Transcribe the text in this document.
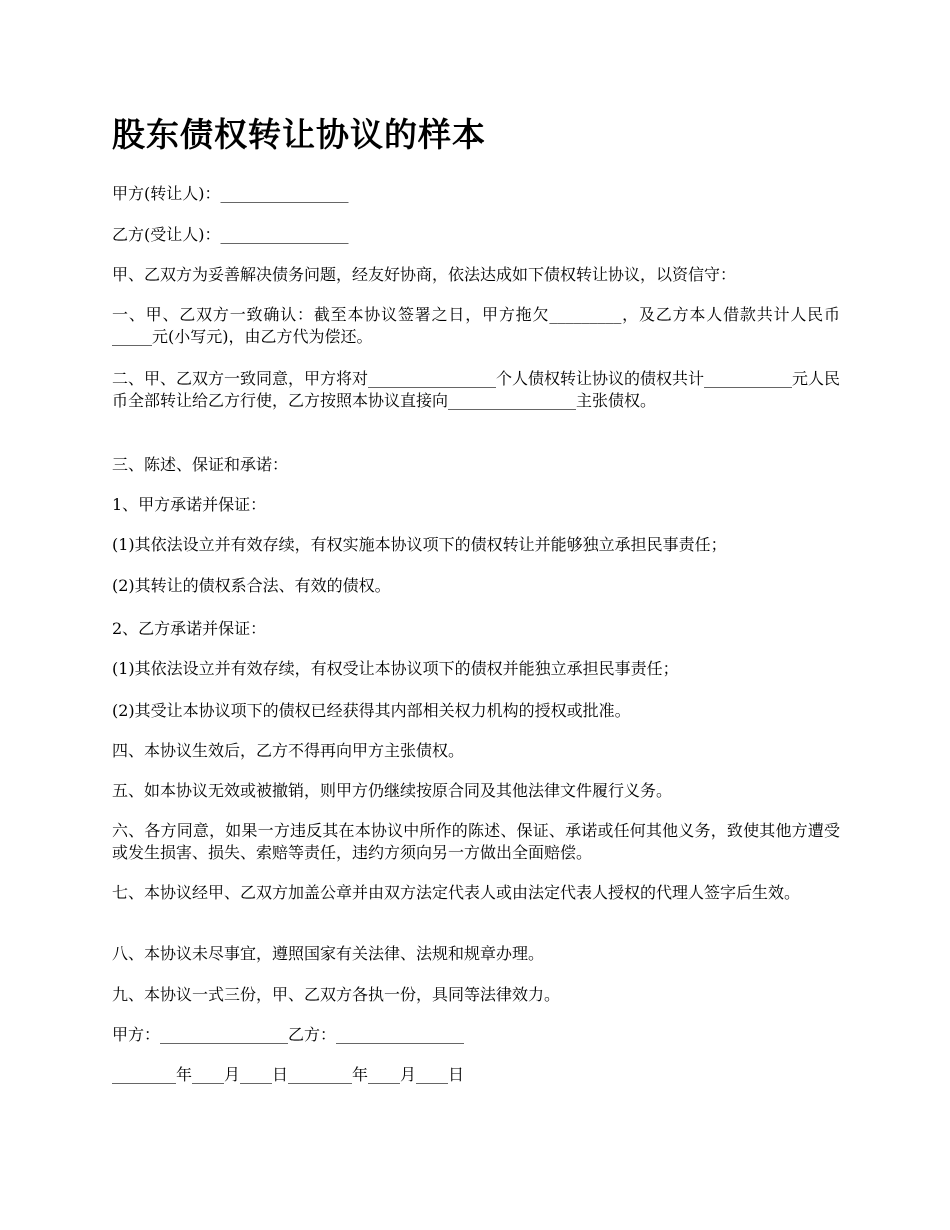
股东债权转让协议的样本

甲方(转让人)：________________

乙方(受让人)：________________

甲、乙双方为妥善解决债务问题，经友好协商，依法达成如下债权转让协议，以资信守：

一、甲、乙双方一致确认：截至本协议签署之日，甲方拖欠_________，及乙方本人借款共计人民币_____元(小写元)，由乙方代为偿还。

二、甲、乙双方一致同意，甲方将对________________个人债权转让协议的债权共计___________元人民币全部转让给乙方行使，乙方按照本协议直接向________________主张债权。

三、陈述、保证和承诺：

1、甲方承诺并保证：

(1)其依法设立并有效存续，有权实施本协议项下的债权转让并能够独立承担民事责任；

(2)其转让的债权系合法、有效的债权。

2、乙方承诺并保证：

(1)其依法设立并有效存续，有权受让本协议项下的债权并能独立承担民事责任；

(2)其受让本协议项下的债权已经获得其内部相关权力机构的授权或批准。

四、本协议生效后，乙方不得再向甲方主张债权。

五、如本协议无效或被撤销，则甲方仍继续按原合同及其他法律文件履行义务。

六、各方同意，如果一方违反其在本协议中所作的陈述、保证、承诺或任何其他义务，致使其他方遭受或发生损害、损失、索赔等责任，违约方须向另一方做出全面赔偿。

七、本协议经甲、乙双方加盖公章并由双方法定代表人或由法定代表人授权的代理人签字后生效。

八、本协议未尽事宜，遵照国家有关法律、法规和规章办理。

九、本协议一式三份，甲、乙双方各执一份，具同等法律效力。

甲方：________________乙方：________________

________年____月____日________年____月____日
